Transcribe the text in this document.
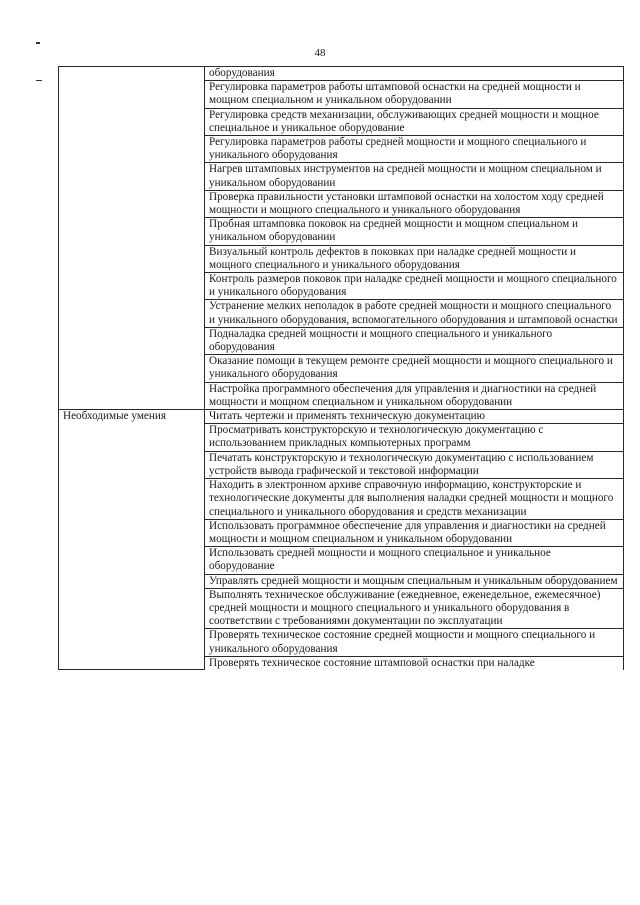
48

	оборудования

	Регулировка параметров работы штамповой оснастки на средней мощности и мощном специальном и уникальном оборудовании

	Регулировка средств механизации, обслуживающих средней мощности и мощное специальное и уникальное оборудование

	Регулировка параметров работы средней мощности и мощного специального и уникального оборудования

	Нагрев штамповых инструментов на средней мощности и мощном специальном и уникальном оборудовании

	Проверка правильности установки штамповой оснастки на холостом ходу средней мощности и мощного специального и уникального оборудования

	Пробная штамповка поковок на средней мощности и мощном специальном и уникальном оборудовании

	Визуальный контроль дефектов в поковках при наладке средней мощности и мощного специального и уникального оборудования

	Контроль размеров поковок при наладке средней мощности и мощного специального и уникального оборудования

	Устранение мелких неполадок в работе средней мощности и мощного специального и уникального оборудования, вспомогательного оборудования и штамповой оснастки

	Подналадка средней мощности и мощного специального и уникального оборудования

	Оказание помощи в текущем ремонте средней мощности и мощного специального и уникального оборудования

	Настройка программного обеспечения для управления и диагностики на средней мощности и мощном специальном и уникальном оборудовании

Необходимые умения	Читать чертежи и применять техническую документацию

	Просматривать конструкторскую и технологическую документацию с использованием прикладных компьютерных программ

	Печатать конструкторскую и технологическую документацию с использованием устройств вывода графической и текстовой информации

	Находить в электронном архиве справочную информацию, конструкторские и технологические документы для выполнения наладки средней мощности и мощного специального и уникального оборудования и средств механизации

	Использовать программное обеспечение для управления и диагностики на средней мощности и мощном специальном и уникальном оборудовании

	Использовать средней мощности и мощного специальное и уникальное оборудование

	Управлять средней мощности и мощным специальным и уникальным оборудованием

	Выполнять техническое обслуживание (ежедневное, еженедельное, ежемесячное) средней мощности и мощного специального и уникального оборудования в соответствии с требованиями документации по эксплуатации

	Проверять техническое состояние средней мощности и мощного специального и уникального оборудования

	Проверять техническое состояние штамповой оснастки при наладке
